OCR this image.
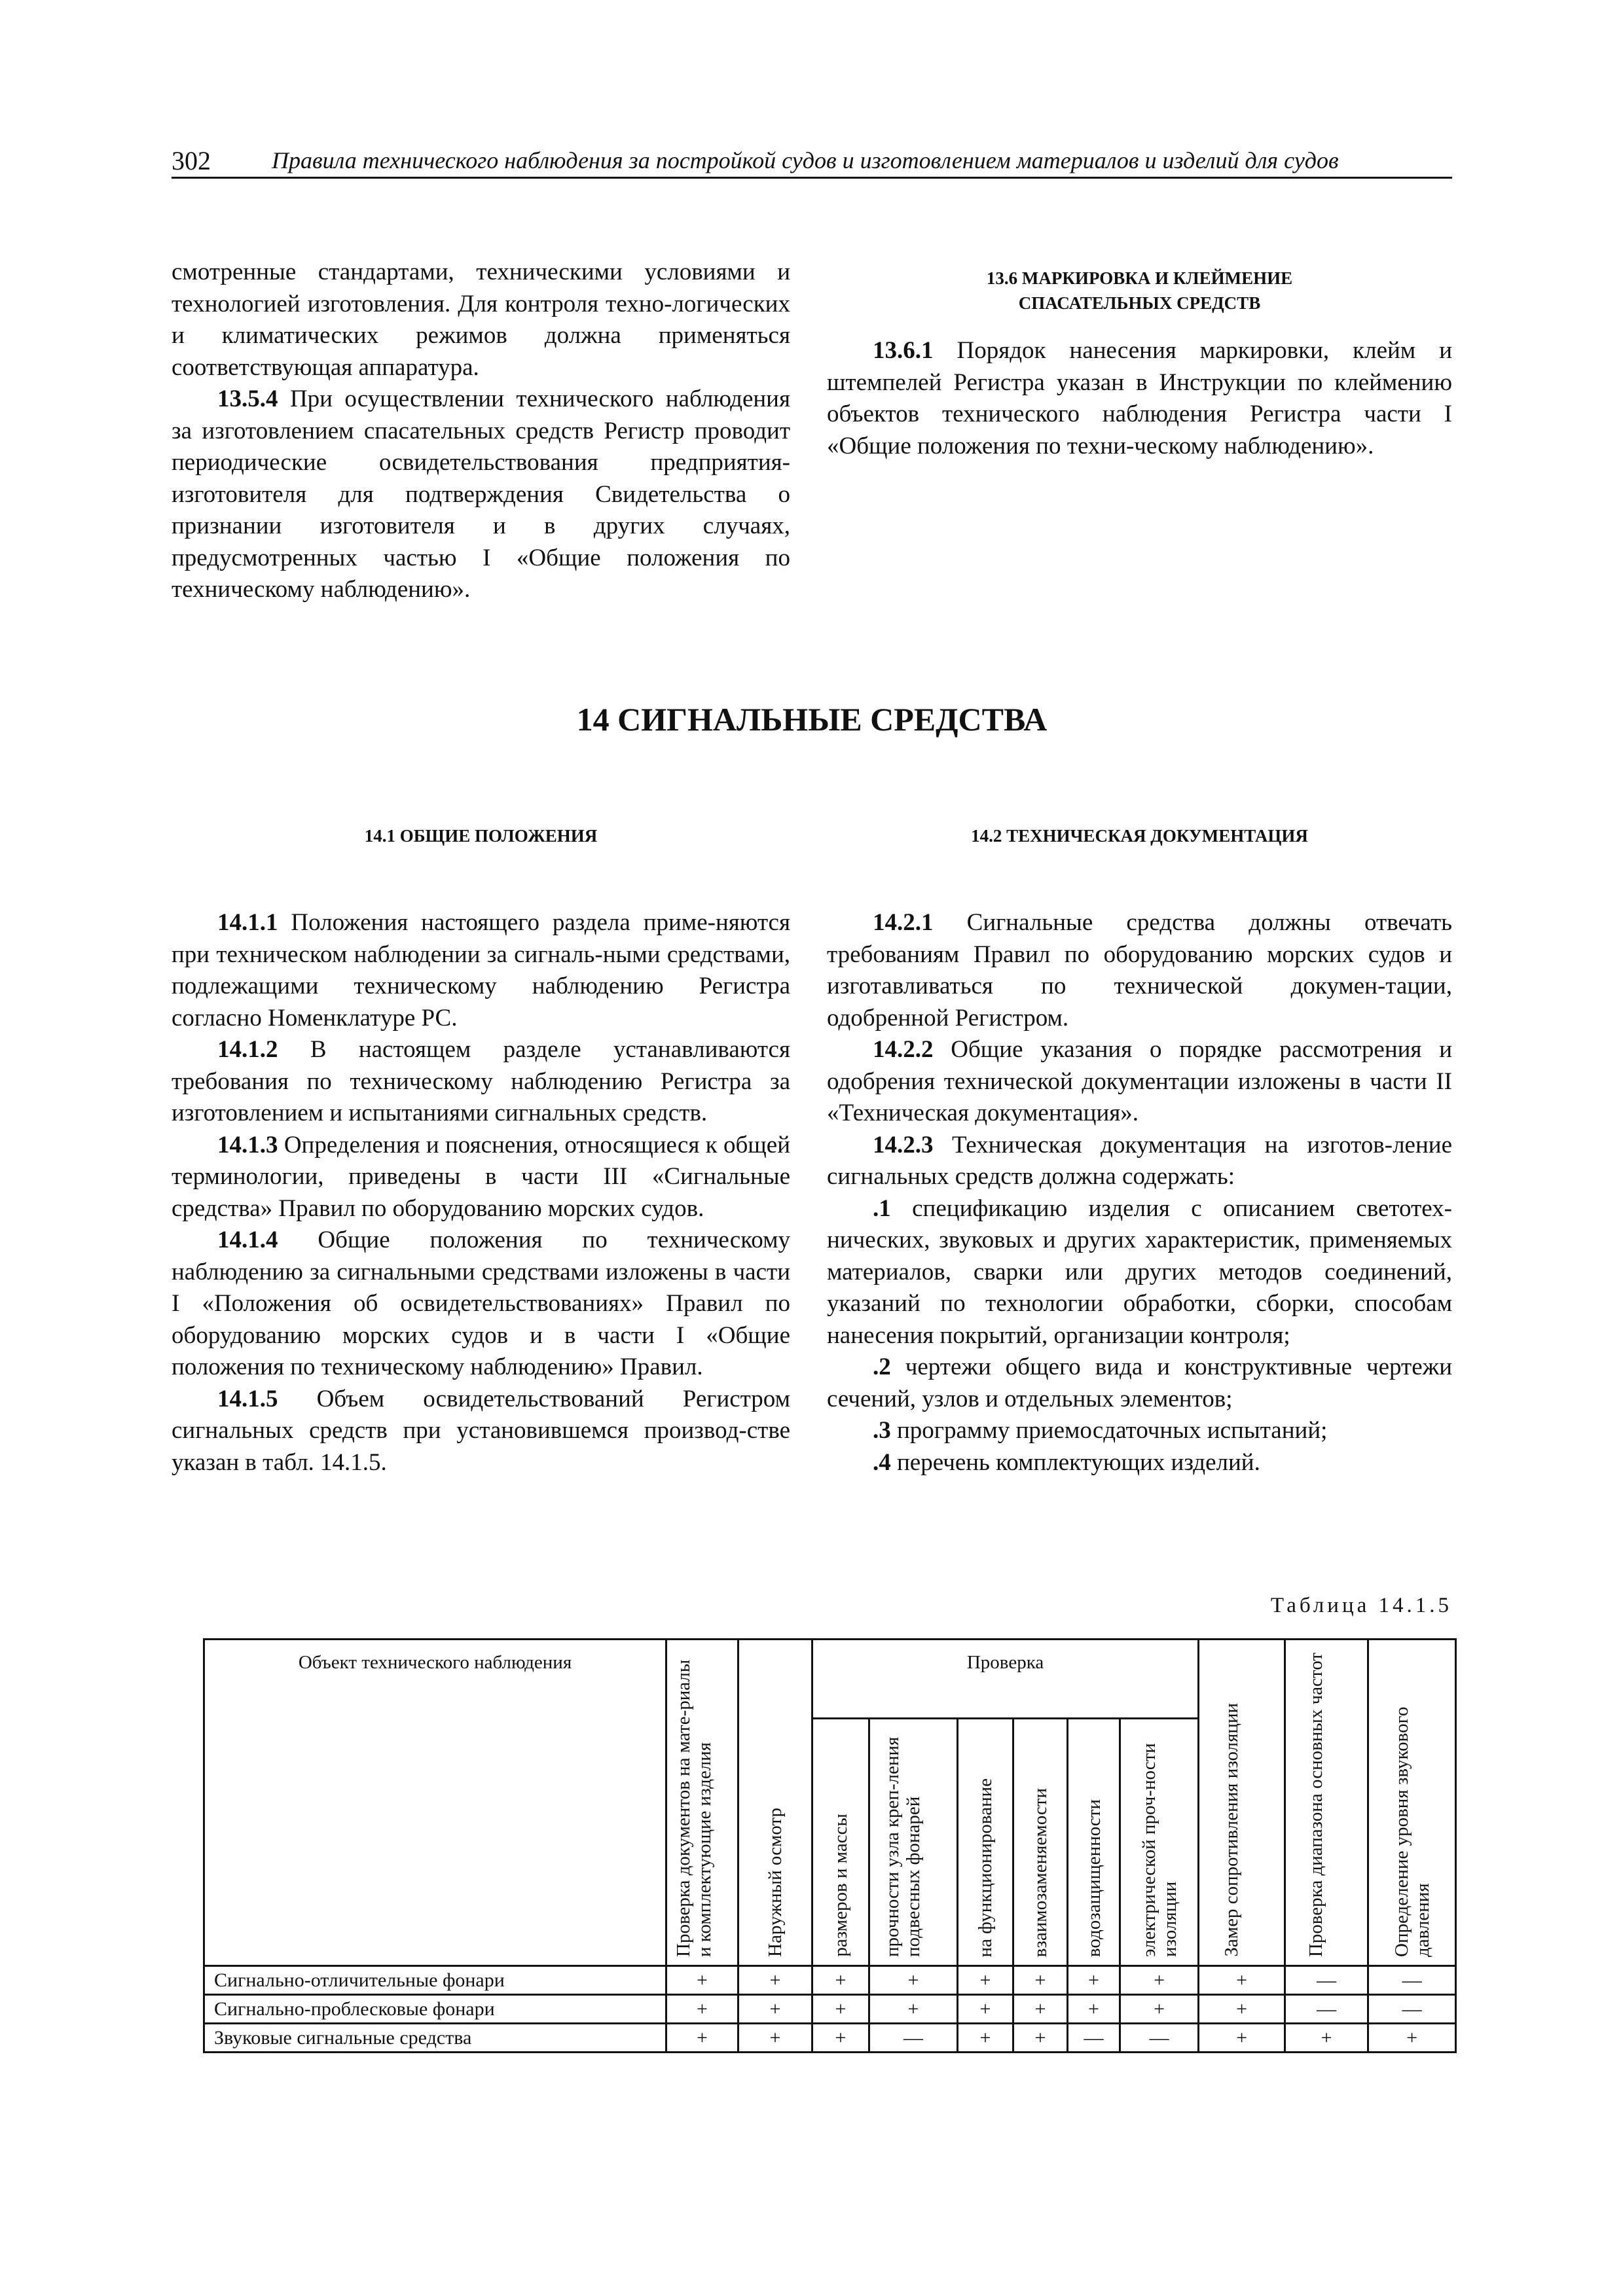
302	Правила технического наблюдения за постройкой судов и изготовлением материалов и изделий для судов

смотренные стандартами, техническими условиями и технологией изготовления. Для контроля техно-логических и климатических режимов должна применяться соответствующая аппаратура.

13.5.4 При осуществлении технического наблюдения за изготовлением спасательных средств Регистр проводит периодические освидетельствования предприятия-изготовителя для подтверждения Свидетельства о признании изготовителя и в других случаях, предусмотренных частью I «Общие положения по техническому наблюдению».

13.6 МАРКИРОВКА И КЛЕЙМЕНИЕ СПАСАТЕЛЬНЫХ СРЕДСТВ

13.6.1 Порядок нанесения маркировки, клейм и штемпелей Регистра указан в Инструкции по клеймению объектов технического наблюдения Регистра части I «Общие положения по техни-ческому наблюдению».

14 СИГНАЛЬНЫЕ СРЕДСТВА
14.1 ОБЩИЕ ПОЛОЖЕНИЯ	14.2 ТЕХНИЧЕСКАЯ ДОКУМЕНТАЦИЯ

14.1.1 Положения настоящего раздела приме-няются при техническом наблюдении за сигналь-ными средствами, подлежащими техническому наблюдению Регистра согласно Номенклатуре РС.

14.1.2 В настоящем разделе устанавливаются требования по техническому наблюдению Регистра за изготовлением и испытаниями сигнальных средств.

14.1.3 Определения и пояснения, относящиеся к общей терминологии, приведены в части III «Сигнальные средства» Правил по оборудованию морских судов.

14.1.4 Общие положения по техническому наблюдению за сигнальными средствами изложены в части I «Положения об освидетельствованиях» Правил по оборудованию морских судов и в части I «Общие положения по техническому наблюдению» Правил.

14.1.5 Объем освидетельствований Регистром сигнальных средств при установившемся производ-стве указан в табл. 14.1.5.

14.2.1 Сигнальные средства должны отвечать требованиям Правил по оборудованию морских судов и изготавливаться по технической докумен-тации, одобренной Регистром.

14.2.2 Общие указания о порядке рассмотрения и одобрения технической документации изложены в части II «Техническая документация».

14.2.3 Техническая документация на изготов-ление сигнальных средств должна содержать:

.1 спецификацию изделия с описанием светотех-нических, звуковых и других характеристик, применяемых материалов, сварки или других методов соединений, указаний по технологии обработки, сборки, способам нанесения покрытий, организации контроля;

.2 чертежи общего вида и конструктивные чертежи сечений, узлов и отдельных элементов;

.3 программу приемосдаточных испытаний;

.4 перечень комплектующих изделий.

Таблица 14.1.5
Объект технического наблюдения	Проверка документов на мате-риалы и комплектующие изделия	Наружный осмотр	Проверка						Замер сопротивления изоляции	Проверка диапазона основных частот	Определение уровня звукового давления

			размеров и массы	прочности узла креп-ления подвесных фонарей	на функционирование	взаимозаменяемости	водозащищенности	электрической проч-ности изоляции			

Сигнально-отличительные фонари	+	+	+	+	+	+	+	+	+	—	—
Сигнально-проблесковые фонари	+	+	+	+	+	+	+	+	+	—	—
Звуковые сигнальные средства	+	+	+	—	+	+	—	—	+	+	+
